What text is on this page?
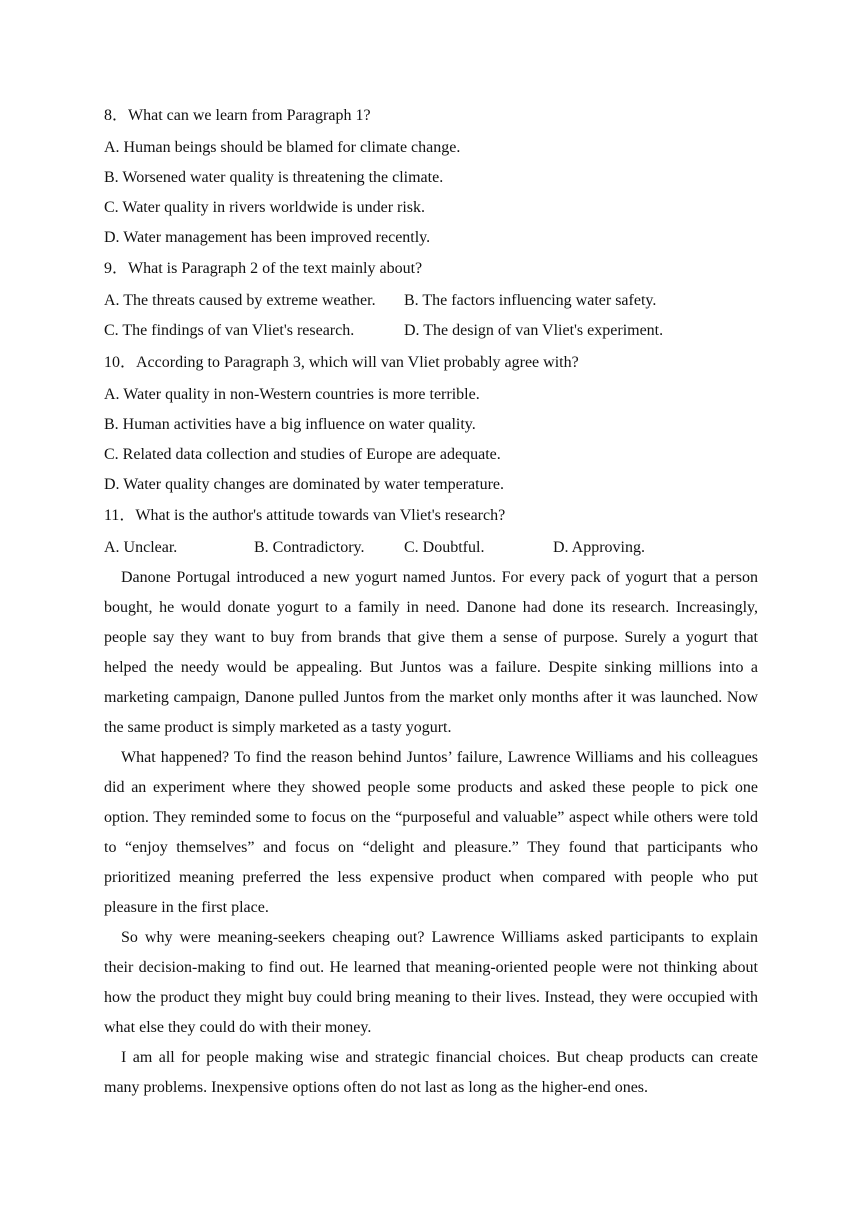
8．What can we learn from Paragraph 1?
A. Human beings should be blamed for climate change.
B. Worsened water quality is threatening the climate.
C. Water quality in rivers worldwide is under risk.
D. Water management has been improved recently.
9．What is Paragraph 2 of the text mainly about?
A. The threats caused by extreme weather. B. The factors influencing water safety.
C. The findings of van Vliet's research.	D. The design of van Vliet's experiment.
10．According to Paragraph 3, which will van Vliet probably agree with?
A. Water quality in non-Western countries is more terrible.
B. Human activities have a big influence on water quality.
C. Related data collection and studies of Europe are adequate.
D. Water quality changes are dominated by water temperature.
11．What is the author's attitude towards van Vliet's research?
A. Unclear.	B. Contradictory. C. Doubtful.	D. Approving.

Danone Portugal introduced a new yogurt named Juntos. For every pack of yogurt that a person bought, he would donate yogurt to a family in need. Danone had done its research. Increasingly, people say they want to buy from brands that give them a sense of purpose. Surely a yogurt that helped the needy would be appealing. But Juntos was a failure. Despite sinking millions into a marketing campaign, Danone pulled Juntos from the market only months after it was launched. Now the same product is simply marketed as a tasty yogurt.

What happened? To find the reason behind Juntos’ failure, Lawrence Williams and his colleagues did an experiment where they showed people some products and asked these people to pick one option. They reminded some to focus on the “purposeful and valuable” aspect while others were told to “enjoy themselves” and focus on “delight and pleasure.” They found that participants who prioritized meaning preferred the less expensive product when compared with people who put pleasure in the first place.

So why were meaning-seekers cheaping out? Lawrence Williams asked participants to explain their decision-making to find out. He learned that meaning-oriented people were not thinking about how the product they might buy could bring meaning to their lives. Instead, they were occupied with what else they could do with their money.

I am all for people making wise and strategic financial choices. But cheap products can create many problems. Inexpensive options often do not last as long as the higher-end ones.
